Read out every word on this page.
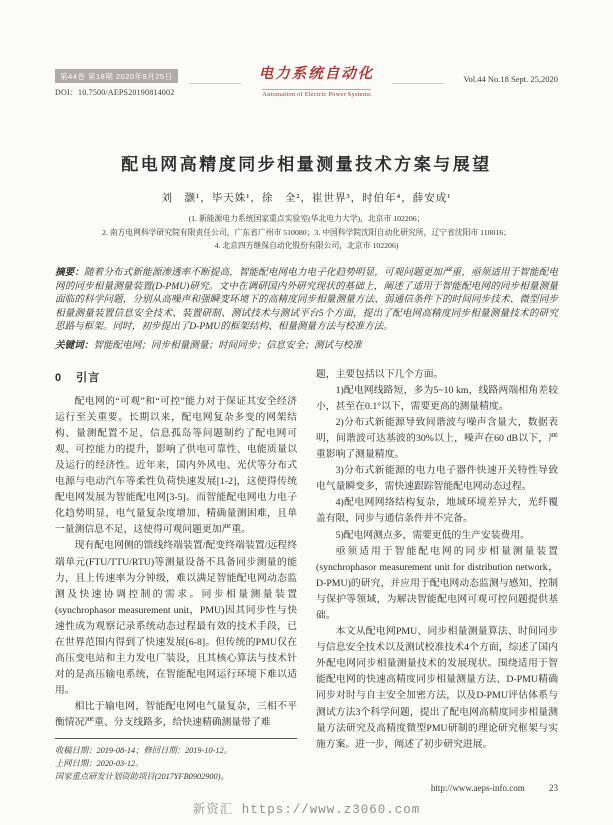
第44卷 第18期 2020年9月25日
DOI：10.7500/AEPS20190814002
电力系统自动化
Automation of Electric Power Systems
Vol.44 No.18 Sept. 25,2020
配电网高精度同步相量测量技术方案与展望
刘　灏¹，毕天姝¹，徐　全²，崔世界³，时伯年⁴，薛安成¹
(1. 新能源电力系统国家重点实验室(华北电力大学)，北京市 102206；
2. 南方电网科学研究院有限责任公司，广东省广州市 510080；3. 中国科学院沈阳自动化研究所，辽宁省沈阳市 110016；
4. 北京四方继保自动化股份有限公司，北京市 102206)
摘要：随着分布式新能源渗透率不断提高，智能配电网电力电子化趋势明显，可观问题更加严重，亟须适用于智能配电网的同步相量测量装置(D-PMU)研究。文中在调研国内外研究现状的基础上，阐述了适用于智能配电网的同步相量测量面临的科学问题，分别从高噪声和强瞬变环境下的高精度同步相量测量方法、弱通信条件下的时间同步技术、微型同步相量测量装置信息安全技术、装置研制、测试技术与测试平台5个方面，提出了配电网高精度同步相量测量技术的研究思路与框架。同时，初步提出了D-PMU的框架结构、相量测量方法与校准方法。
关键词：智能配电网；同步相量测量；时间同步；信息安全；测试与校准
0 引言

配电网的“可观”和“可控”能力对于保证其安全经济运行至关重要。长期以来，配电网复杂多变的网架结构、量测配置不足，信息孤岛等问题制约了配电网可观、可控能力的提升，影响了供电可靠性、电能质量以及运行的经济性。近年来，国内外风电、光伏等分布式电源与电动汽车等柔性负荷快速发展[1-2]，这使得传统配电网发展为智能配电网[3-5]。而智能配电网电力电子化趋势明显，电气量复杂度增加、精确量测困难，且单一量测信息不足，这使得可观问题更加严重。

现有配电网侧的馈线终端装置/配变终端装置/远程终端单元(FTU/TTU/RTU)等测量设备不具备同步测量的能力，且上传速率为分钟级，难以满足智能配电网动态监测及快速协调控制的需求。同步相量测量装置(synchrophasor measurement unit，PMU)因其同步性与快速性成为观察记录系统动态过程最有效的技术手段，已在世界范围内得到了快速发展[6-8]。但传统的PMU仅在高压变电站和主力发电厂装设，且其核心算法与技术针对的是高压输电系统，在智能配电网运行环境下难以适用。

相比于输电网，智能配电网电气量复杂，三相不平衡情况严重、分支线路多，给快速精确测量带了难

收稿日期：2019-08-14；修回日期：2019-10-12。
上网日期：2020-03-12。
国家重点研发计划资助项目(2017YFB0902900)。

题，主要包括以下几个方面。

1)配电网线路短，多为5~10 km，线路两端相角差较小，甚至在0.1°以下，需要更高的测量精度。

2)分布式新能源导致间谐波与噪声含量大，数据表明，间谐波可达基波的30%以上，噪声在60 dB以下，严重影响了测量精度。

3)分布式新能源的电力电子器件快速开关特性导致电气量瞬变多，需快速跟踪智能配电网动态过程。

4)配电网网络结构复杂，地域环境差异大，光纤覆盖有限，同步与通信条件并不完备。

5)配电网测点多，需要更低的生产安装费用。

亟须适用于智能配电网的同步相量测量装置(synchrophasor measurement unit for distribution network，D-PMU)的研究，并应用于配电网动态监测与感知、控制与保护等领域，为解决智能配电网可观可控问题提供基础。

本文从配电网PMU、同步相量测量算法、时间同步与信息安全技术以及测试校准技术4个方面，综述了国内外配电网同步相量测量技术的发展现状。围绕适用于智能配电网的快速高精度同步相量测量方法、D-PMU精确同步对时与自主安全加密方法，以及D-PMU评估体系与测试方法3个科学问题，提出了配电网高精度同步相量测量方法研究及高精度微型PMU研制的理论研究框架与实施方案。进一步，阐述了初步研究进展。

http://www.aeps-info.com	23
新资汇 https://www.z3060.com
